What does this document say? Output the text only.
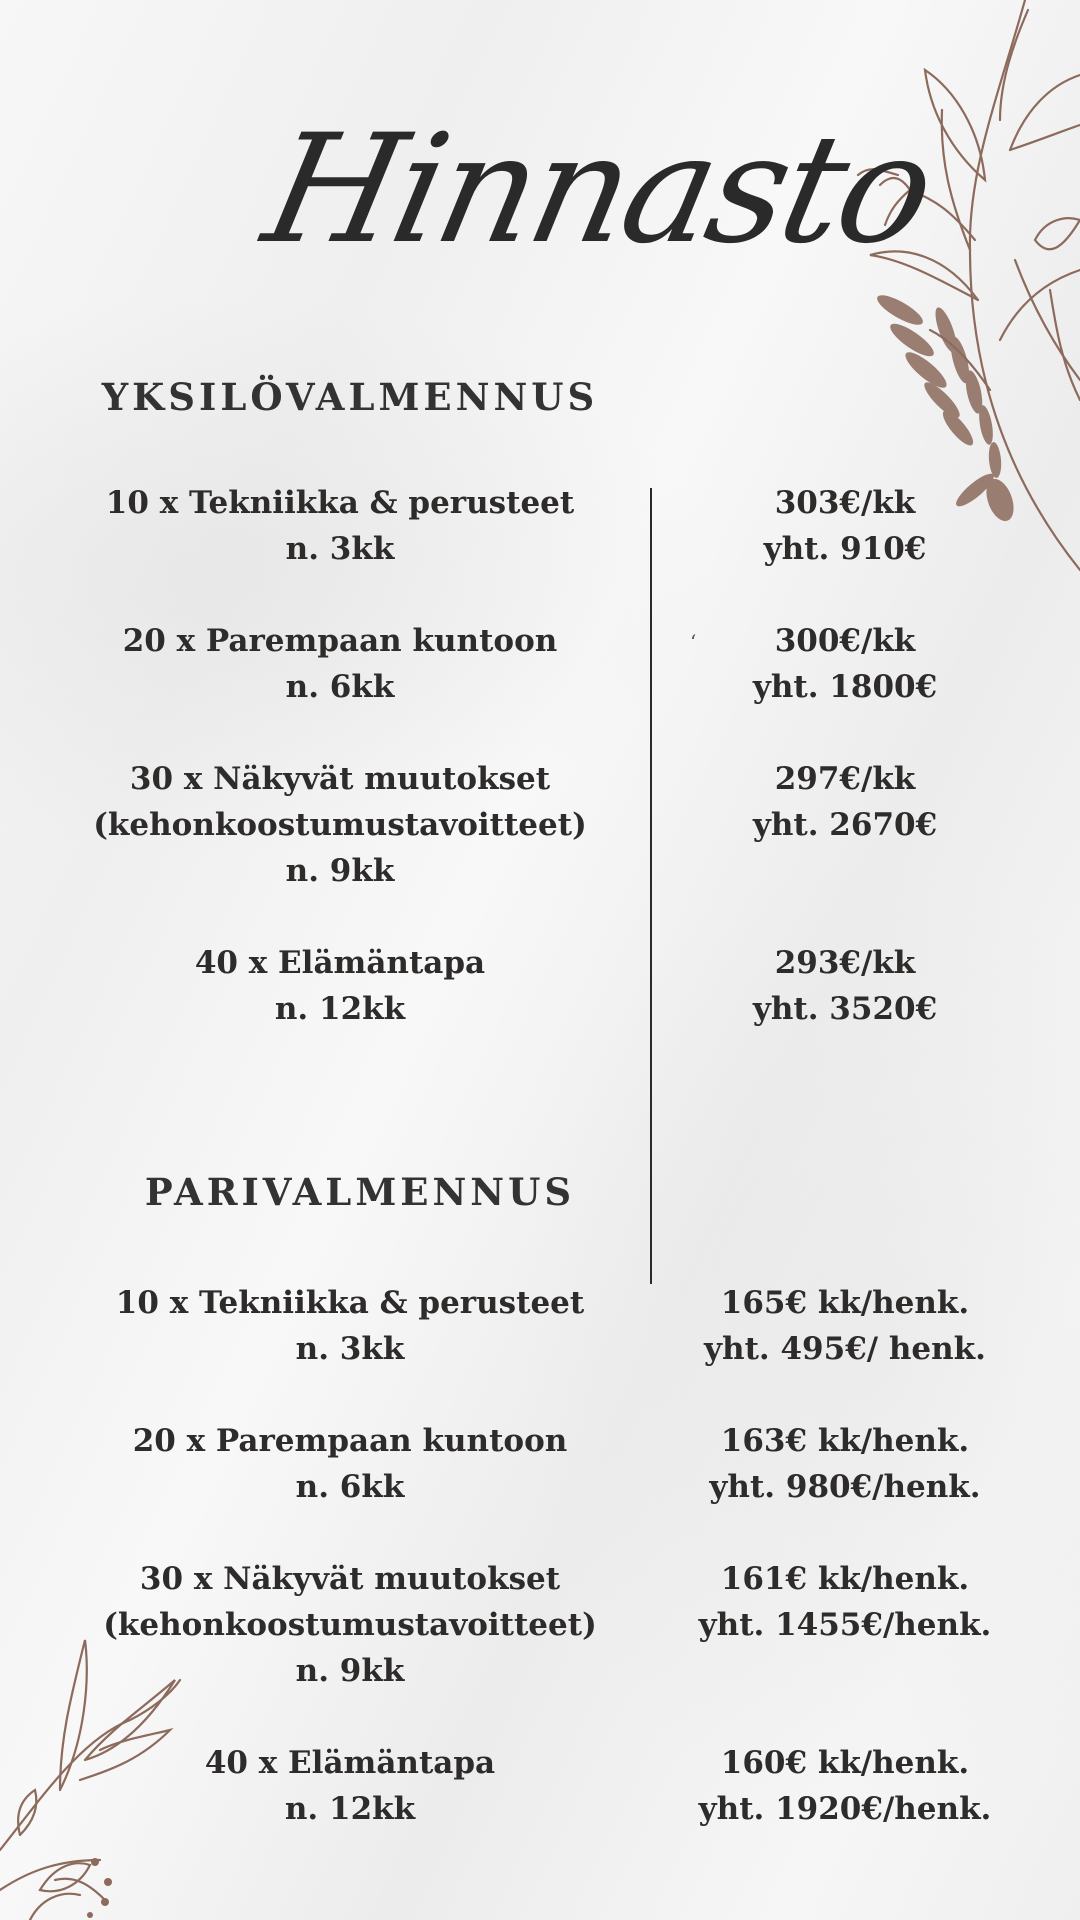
Hinnasto
YKSILÖVALMENNUS
10 x Tekniikka & perusteet
n. 3kk
303€/kk
yht. 910€
20 x Parempaan kuntoon
n. 6kk
300€/kk
yht. 1800€
30 x Näkyvät muutokset
(kehonkoostumustavoitteet)
n. 9kk
297€/kk
yht. 2670€
40 x Elämäntapa
n. 12kk
293€/kk
yht. 3520€
‘
PARIVALMENNUS
10 x Tekniikka & perusteet
n. 3kk
165€ kk/henk.
yht. 495€/ henk.
20 x Parempaan kuntoon
n. 6kk
163€ kk/henk.
yht. 980€/henk.
30 x Näkyvät muutokset
(kehonkoostumustavoitteet)
n. 9kk
161€ kk/henk.
yht. 1455€/henk.
40 x Elämäntapa
n. 12kk
160€ kk/henk.
yht. 1920€/henk.
